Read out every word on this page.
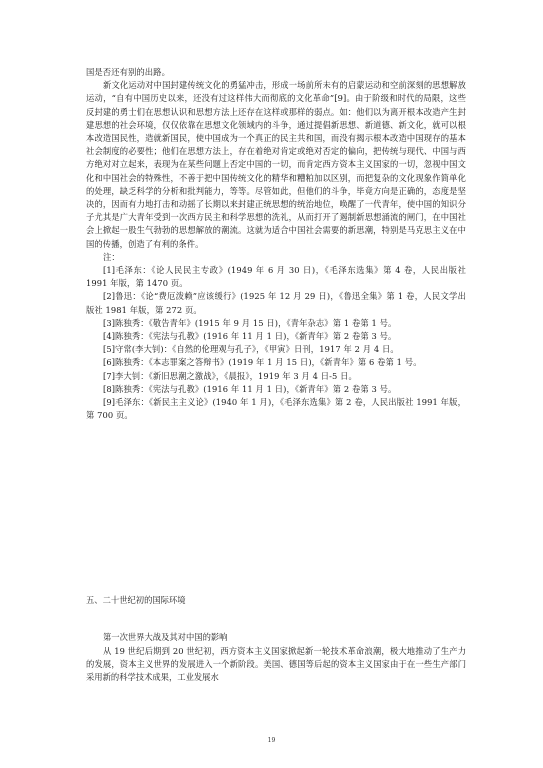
国是否还有别的出路。

新文化运动对中国封建传统文化的勇猛冲击，形成一场前所未有的启蒙运动和空前深刻的思想解放运动，“自有中国历史以来，还没有过这样伟大而彻底的文化革命”[9]。由于阶级和时代的局限，这些反封建的勇士们在思想认识和思想方法上还存在这样或那样的弱点。如：他们以为离开根本改造产生封建思想的社会环境，仅仅依靠在思想文化领域内的斗争，通过提倡新思想、新道德、新文化，就可以根本改造国民性，造就新国民，使中国成为一个真正的民主共和国，而没有揭示根本改造中国现存的基本社会制度的必要性；他们在思想方法上，存在着绝对肯定或绝对否定的偏向，把传统与现代、中国与西方绝对对立起来，表现为在某些问题上否定中国的一切，而肯定西方资本主义国家的一切，忽视中国文化和中国社会的特殊性，不善于把中国传统文化的精华和糟粕加以区别，而把复杂的文化现象作简单化的处理，缺乏科学的分析和批判能力，等等。尽管如此，但他们的斗争，毕竟方向是正确的，态度是坚决的，因而有力地打击和动摇了长期以来封建正统思想的统治地位，唤醒了一代青年，使中国的知识分子尤其是广大青年受到一次西方民主和科学思想的洗礼，从而打开了遏制新思想涌流的闸门，在中国社会上掀起一股生气勃勃的思想解放的潮流。这就为适合中国社会需要的新思潮，特别是马克思主义在中国的传播，创造了有利的条件。

注：

[1]毛泽东：《论人民民主专政》(1949 年 6 月 30 日)，《毛泽东选集》第 4 卷，人民出版社 1991 年版，第 1470 页。

[2]鲁迅：《论“费厄泼赖”应该缓行》(1925 年 12 月 29 日)，《鲁迅全集》第 1 卷，人民文学出版社 1981 年版，第 272 页。

[3]陈独秀：《敬告青年》(1915 年 9 月 15 日)，《青年杂志》第 1 卷第 1 号。

[4]陈独秀：《宪法与孔教》(1916 年 11 月 1 日)，《新青年》第 2 卷第 3 号。

[5]守常(李大钊)：《自然的伦理观与孔子》，《甲寅》日刊，1917 年 2 月 4 日。

[6]陈独秀：《本志罪案之答辩书》(1919 年 1 月 15 日)，《新青年》第 6 卷第 1 号。

[7]李大钊：《新旧思潮之激战》，《晨报》，1919 年 3 月 4 日-5 日。

[8]陈独秀：《宪法与孔教》(1916 年 11 月 1 日)，《新青年》第 2 卷第 3 号。

[9]毛泽东：《新民主主义论》(1940 年 1 月)，《毛泽东选集》第 2 卷，人民出版社 1991 年版，第 700 页。

五、二十世纪初的国际环境

第一次世界大战及其对中国的影响

从 19 世纪后期到 20 世纪初，西方资本主义国家掀起新一轮技术革命浪潮，极大地推动了生产力的发展，资本主义世界的发展进入一个新阶段。美国、德国等后起的资本主义国家由于在一些生产部门采用新的科学技术成果，工业发展水

19
